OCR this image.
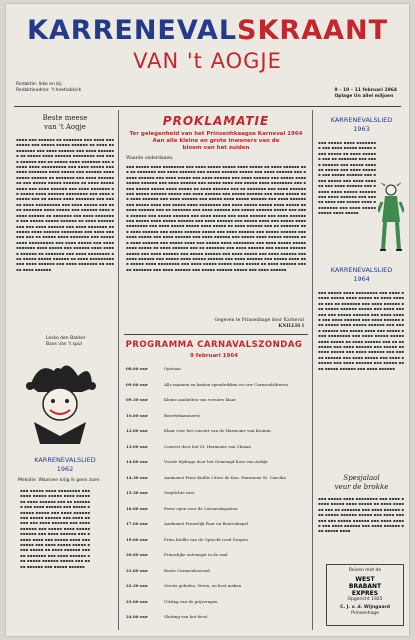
KARRENEVALSKRAANT
VAN 't AOGJE
Redaktie: Ikke en bij
Redaktieadres: 't heetiakkick	9 – 10 – 11 februari 1964
Oplage Un allel miljoen
Beste meese
van 't Aogje
▪▪▪▪ ▪▪▪ ▪▪▪▪▪▪ ▪▪ ▪▪▪▪▪▪▪ ▪▪▪ ▪▪▪▪ ▪▪▪▪▪▪▪▪ ▪▪▪ ▪▪▪▪▪ ▪▪▪▪▪ ▪▪▪▪▪▪ ▪▪ ▪▪▪▪ ▪▪▪▪▪▪▪▪▪ ▪▪▪ ▪▪▪▪ ▪▪▪▪▪▪ ▪▪▪ ▪▪▪▪ ▪▪▪▪▪▪▪ ▪▪ ▪▪▪▪▪ ▪▪▪▪ ▪▪▪▪▪▪ ▪▪▪▪▪▪▪▪ ▪▪▪ ▪▪▪▪ ▪▪▪▪▪▪ ▪▪▪ ▪▪ ▪▪▪▪▪ ▪▪▪▪ ▪▪▪▪▪▪▪ ▪▪▪ ▪▪▪▪▪ ▪▪▪▪ ▪▪▪▪▪▪▪▪▪ ▪▪▪ ▪▪▪▪ ▪▪▪▪▪ ▪▪▪ ▪▪▪▪ ▪▪▪▪▪▪▪ ▪▪▪▪ ▪▪▪▪▪ ▪▪▪ ▪▪▪▪▪▪ ▪▪▪▪ ▪▪▪▪▪ ▪▪▪▪▪▪ ▪▪ ▪▪▪▪▪▪▪ ▪▪▪ ▪▪▪▪ ▪▪▪▪▪▪▪▪ ▪▪▪ ▪▪▪▪▪ ▪▪▪▪▪ ▪▪▪▪▪▪ ▪▪ ▪▪▪▪ ▪▪▪▪▪▪▪▪▪ ▪▪▪ ▪▪▪▪ ▪▪▪▪▪▪ ▪▪▪ ▪▪▪▪ ▪▪▪▪▪▪▪ ▪▪ ▪▪▪▪▪ ▪▪▪▪ ▪▪▪▪▪▪ ▪▪▪▪▪▪▪▪ ▪▪▪ ▪▪▪▪ ▪▪▪▪▪▪ ▪▪▪ ▪▪ ▪▪▪▪▪ ▪▪▪▪ ▪▪▪▪▪▪▪ ▪▪▪ ▪▪▪▪▪ ▪▪▪▪ ▪▪▪▪▪▪▪▪▪ ▪▪▪ ▪▪▪▪ ▪▪▪▪▪ ▪▪▪ ▪▪▪▪ ▪▪▪▪▪▪▪ ▪▪▪▪ ▪▪▪▪▪ ▪▪▪ ▪▪▪▪▪▪ ▪▪▪▪ ▪▪▪▪▪ ▪▪▪▪▪▪ ▪▪ ▪▪▪▪▪▪▪ ▪▪▪ ▪▪▪▪ ▪▪▪▪▪▪▪▪ ▪▪▪ ▪▪▪▪▪ ▪▪▪▪▪ ▪▪▪▪▪▪ ▪▪ ▪▪▪▪ ▪▪▪▪▪▪▪▪▪ ▪▪▪ ▪▪▪▪ ▪▪▪▪▪▪ ▪▪▪ ▪▪▪▪ ▪▪▪▪▪▪▪ ▪▪ ▪▪▪▪▪ ▪▪▪▪ ▪▪▪▪▪▪ ▪▪▪▪▪▪▪▪ ▪▪▪ ▪▪▪▪ ▪▪▪▪▪▪ ▪▪▪ ▪▪ ▪▪▪▪▪ ▪▪▪▪ ▪▪▪▪▪▪▪ ▪▪▪ ▪▪▪▪▪ ▪▪▪▪ ▪▪▪▪▪▪▪▪▪ ▪▪▪ ▪▪▪▪ ▪▪▪▪▪ ▪▪▪ ▪▪▪▪ ▪▪▪▪▪▪▪ ▪▪▪▪ ▪▪▪▪▪ ▪▪▪ ▪▪▪▪▪▪ ▪▪▪▪ ▪▪▪▪▪ ▪▪▪▪▪▪ ▪▪ ▪▪▪▪▪▪▪ ▪▪▪ ▪▪▪▪ ▪▪▪▪▪▪▪▪ ▪▪▪ ▪▪▪▪▪ ▪▪▪▪▪ ▪▪▪▪▪▪ ▪▪ ▪▪▪▪ ▪▪▪▪▪▪▪▪▪ ▪▪▪ ▪▪▪▪ ▪▪▪▪▪▪ ▪▪▪ ▪▪▪▪ ▪▪▪▪▪▪▪ ▪▪ ▪▪▪▪▪ ▪▪▪▪ ▪▪▪▪▪▪
Lesko den Bakker
Baos van 't spul
KARRENEVALSLIED
1962
Melodie: Waaroen krijg ik geen zoen
▪▪▪ ▪▪▪▪▪ ▪▪▪▪ ▪▪▪▪▪▪▪▪ ▪▪▪ ▪▪▪▪ ▪▪▪▪▪ ▪▪▪▪▪ ▪▪▪▪ ▪▪▪▪▪ ▪▪ ▪▪▪▪ ▪▪▪▪▪▪ ▪▪▪ ▪▪ ▪▪▪▪▪▪▪ ▪▪▪ ▪▪▪▪ ▪▪▪▪▪▪ ▪▪▪ ▪▪▪▪▪ ▪▪▪▪▪▪ ▪▪▪▪▪ ▪▪▪ ▪▪▪▪ ▪▪▪▪▪▪ ▪▪▪ ▪▪▪▪▪ ▪▪▪▪▪▪ ▪▪▪ ▪▪▪▪ ▪▪▪▪▪ ▪▪▪ ▪▪▪▪ ▪▪▪▪▪▪ ▪▪▪ ▪▪▪▪ ▪▪▪▪▪▪ ▪▪▪ ▪▪▪▪▪ ▪▪▪▪ ▪▪▪▪▪ ▪▪▪▪▪▪ ▪▪▪ ▪▪▪▪ ▪▪▪▪▪▪ ▪▪▪ ▪▪▪▪▪ ▪▪▪▪ ▪▪▪ ▪▪▪▪▪ ▪▪▪▪ ▪▪▪▪▪▪▪▪ ▪▪▪ ▪▪▪▪ ▪▪▪▪▪ ▪▪▪▪▪ ▪▪▪▪ ▪▪▪▪▪ ▪▪ ▪▪▪▪ ▪▪▪▪▪▪ ▪▪▪ ▪▪ ▪▪▪▪▪▪▪ ▪▪▪ ▪▪▪▪ ▪▪▪▪▪▪ ▪▪▪ ▪▪▪▪▪ ▪▪▪▪▪▪ ▪▪▪▪▪ ▪▪▪ ▪▪▪▪ ▪▪▪▪▪▪ ▪▪▪ ▪▪▪▪▪ ▪▪▪▪▪▪
PROKLAMATIE
Ter gelegenheid van het Prinsenhkaagse Karneval 1964
Aan alle kleine en grote inwoners van de
bloem van het zuiden
Waarde onderdanen,
▪▪▪ ▪▪▪▪▪ ▪▪▪▪ ▪▪▪▪▪▪▪▪ ▪▪▪ ▪▪▪▪ ▪▪▪▪▪ ▪▪▪▪▪ ▪▪▪▪ ▪▪▪▪▪ ▪▪ ▪▪▪▪ ▪▪▪▪▪▪ ▪▪▪ ▪▪ ▪▪▪▪▪▪▪ ▪▪▪ ▪▪▪▪ ▪▪▪▪▪▪ ▪▪▪ ▪▪▪▪▪ ▪▪▪▪▪▪ ▪▪▪▪▪ ▪▪▪ ▪▪▪▪ ▪▪▪▪▪▪ ▪▪▪ ▪▪▪▪▪ ▪▪▪▪▪▪ ▪▪▪ ▪▪▪▪ ▪▪▪▪▪ ▪▪▪ ▪▪▪▪ ▪▪▪▪▪▪ ▪▪▪ ▪▪▪▪ ▪▪▪▪▪▪ ▪▪▪ ▪▪▪▪▪ ▪▪▪▪ ▪▪▪▪▪ ▪▪▪▪▪▪ ▪▪▪ ▪▪▪▪ ▪▪▪▪▪▪ ▪▪▪ ▪▪▪▪▪ ▪▪▪▪ ▪▪▪ ▪▪▪▪▪ ▪▪▪▪ ▪▪▪▪▪▪▪▪ ▪▪▪ ▪▪▪▪ ▪▪▪▪▪ ▪▪▪▪▪ ▪▪▪▪ ▪▪▪▪▪ ▪▪ ▪▪▪▪ ▪▪▪▪▪▪ ▪▪▪ ▪▪ ▪▪▪▪▪▪▪ ▪▪▪ ▪▪▪▪ ▪▪▪▪▪▪ ▪▪▪ ▪▪▪▪▪ ▪▪▪▪▪▪ ▪▪▪▪▪ ▪▪▪ ▪▪▪▪ ▪▪▪▪▪▪ ▪▪▪ ▪▪▪▪▪ ▪▪▪▪▪▪ ▪▪▪ ▪▪▪▪ ▪▪▪▪▪ ▪▪▪ ▪▪▪▪ ▪▪▪▪▪▪ ▪▪▪ ▪▪▪▪ ▪▪▪▪▪▪ ▪▪▪ ▪▪▪▪▪ ▪▪▪▪ ▪▪▪▪▪ ▪▪▪▪▪▪ ▪▪▪ ▪▪▪▪ ▪▪▪▪▪▪ ▪▪▪ ▪▪▪▪▪ ▪▪▪▪ ▪▪▪ ▪▪▪▪▪ ▪▪▪▪ ▪▪▪▪▪▪▪▪ ▪▪▪ ▪▪▪▪ ▪▪▪▪▪ ▪▪▪▪▪ ▪▪▪▪ ▪▪▪▪▪ ▪▪ ▪▪▪▪ ▪▪▪▪▪▪ ▪▪▪ ▪▪ ▪▪▪▪▪▪▪ ▪▪▪ ▪▪▪▪ ▪▪▪▪▪▪ ▪▪▪ ▪▪▪▪▪ ▪▪▪▪▪▪ ▪▪▪▪▪ ▪▪▪ ▪▪▪▪ ▪▪▪▪▪▪ ▪▪▪ ▪▪▪▪▪ ▪▪▪▪▪▪ ▪▪▪ ▪▪▪▪ ▪▪▪▪▪ ▪▪▪ ▪▪▪▪ ▪▪▪▪▪▪ ▪▪▪ ▪▪▪▪ ▪▪▪▪▪▪ ▪▪▪ ▪▪▪▪▪ ▪▪▪▪ ▪▪▪▪▪ ▪▪▪▪▪▪ ▪▪▪ ▪▪▪▪ ▪▪▪▪▪▪ ▪▪▪ ▪▪▪▪▪ ▪▪▪▪ ▪▪▪ ▪▪▪▪▪ ▪▪▪▪ ▪▪▪▪▪▪▪▪ ▪▪▪ ▪▪▪▪ ▪▪▪▪▪ ▪▪▪▪▪ ▪▪▪▪ ▪▪▪▪▪ ▪▪ ▪▪▪▪ ▪▪▪▪▪▪ ▪▪▪ ▪▪ ▪▪▪▪▪▪▪ ▪▪▪ ▪▪▪▪ ▪▪▪▪▪▪ ▪▪▪ ▪▪▪▪▪ ▪▪▪▪▪▪ ▪▪▪▪▪ ▪▪▪ ▪▪▪▪ ▪▪▪▪▪▪ ▪▪▪ ▪▪▪▪▪ ▪▪▪▪▪▪ ▪▪▪ ▪▪▪▪ ▪▪▪▪▪ ▪▪▪ ▪▪▪▪ ▪▪▪▪▪▪ ▪▪▪ ▪▪▪▪ ▪▪▪▪▪▪ ▪▪▪ ▪▪▪▪▪ ▪▪▪▪ ▪▪▪▪▪ ▪▪▪▪▪▪ ▪▪▪ ▪▪▪▪ ▪▪▪▪▪▪ ▪▪▪ ▪▪▪▪▪ ▪▪▪▪ ▪▪▪ ▪▪▪▪▪ ▪▪▪▪ ▪▪▪▪▪▪▪▪ ▪▪▪ ▪▪▪▪ ▪▪▪▪▪ ▪▪▪▪▪ ▪▪▪▪ ▪▪▪▪▪ ▪▪ ▪▪▪▪ ▪▪▪▪▪▪ ▪▪▪ ▪▪ ▪▪▪▪▪▪▪ ▪▪▪ ▪▪▪▪ ▪▪▪▪▪▪ ▪▪▪ ▪▪▪▪▪ ▪▪▪▪▪▪ ▪▪▪▪▪ ▪▪▪ ▪▪▪▪ ▪▪▪▪▪▪ ▪▪▪ ▪▪▪▪▪ ▪▪▪▪▪▪ ▪▪▪ ▪▪▪▪ ▪▪▪▪▪ ▪▪▪ ▪▪▪▪ ▪▪▪▪▪▪ ▪▪▪ ▪▪▪▪ ▪▪▪▪▪▪ ▪▪▪ ▪▪▪▪▪ ▪▪▪▪ ▪▪▪▪▪ ▪▪▪▪▪▪ ▪▪▪ ▪▪▪▪ ▪▪▪▪▪▪ ▪▪▪ ▪▪▪▪▪ ▪▪▪▪ ▪▪▪ ▪▪▪▪▪ ▪▪▪▪ ▪▪▪▪▪▪▪▪ ▪▪▪ ▪▪▪▪ ▪▪▪▪▪ ▪▪▪▪▪ ▪▪▪▪ ▪▪▪▪▪ ▪▪ ▪▪▪▪ ▪▪▪▪▪▪ ▪▪▪ ▪▪ ▪▪▪▪▪▪▪ ▪▪▪ ▪▪▪▪ ▪▪▪▪▪▪ ▪▪▪ ▪▪▪▪▪ ▪▪▪▪▪▪ ▪▪▪▪▪ ▪▪▪ ▪▪▪▪ ▪▪▪▪▪▪
Gegeven te Prinsenhage door Karneval
KNILLIS I
PROGRAMMA CARNAVALSZONDAG
9 februari 1964
08.00 uur	Opstaan
09.00 uur	Alle mannen en kaaien spendrokken en orw Carnavalsliteren
09.30 uur	Kleine aanhelten van versiers klaar
10.00 uur	Bezettekammerte
12.00 uur	Klaar voor het concert van de Harmonie van Kromm.
13.00 uur	Concert door het St. Harmonie van Chaam
14.00 uur	Vocale bijdrage door het Gemengd Koor van Asdijk
14.30 uur	Aankomst Prins Knillis I door de Kon. Harmonie St. Caecilia
15.30 uur	Verplichte rust
16.00 uur	Feest open voor de Carnavalsgasten
17.00 uur	Aankomst Prinselijk Paar en Boerenkapel
19.00 uur	Prins Knillis van de Optocht rond Dorpen
20.00 uur	Prinselijke ontvangst in de zaal
21.00 uur	Bonte Carnavalsavond
22.30 uur	Groots gebalen, Veren, en kost maken
23.00 uur	Uitslag van de prijsvragen
24.00 uur	Sluiting van het feest
KARRENEVALSLIED
1963
▪▪▪ ▪▪▪▪▪ ▪▪▪▪ ▪▪▪▪▪▪▪▪ ▪▪▪ ▪▪▪▪ ▪▪▪▪▪ ▪▪▪▪▪ ▪▪▪▪ ▪▪▪▪▪ ▪▪ ▪▪▪▪ ▪▪▪▪▪▪ ▪▪▪ ▪▪ ▪▪▪▪▪▪▪ ▪▪▪ ▪▪▪▪ ▪▪▪▪▪▪ ▪▪▪ ▪▪▪▪▪ ▪▪▪▪▪▪ ▪▪▪▪▪ ▪▪▪ ▪▪▪▪ ▪▪▪▪▪▪ ▪▪▪ ▪▪▪▪▪ ▪▪▪▪▪▪ ▪▪▪ ▪▪▪▪ ▪▪▪▪▪ ▪▪▪ ▪▪▪▪ ▪▪▪▪▪▪ ▪▪▪ ▪▪▪▪ ▪▪▪▪▪▪ ▪▪▪ ▪▪▪▪▪ ▪▪▪▪ ▪▪▪▪▪ ▪▪▪▪▪▪ ▪▪▪ ▪▪▪▪ ▪▪▪▪▪▪ ▪▪▪ ▪▪▪▪▪ ▪▪▪▪ ▪▪▪ ▪▪▪▪▪ ▪▪▪▪ ▪▪▪▪▪▪▪▪ ▪▪▪ ▪▪▪▪ ▪▪▪▪▪ ▪▪▪▪▪ ▪▪▪▪ ▪▪▪▪▪
KARRENEVALSLIED
1964
▪▪▪ ▪▪▪▪▪ ▪▪▪▪ ▪▪▪▪▪▪▪▪ ▪▪▪ ▪▪▪▪ ▪▪▪▪▪ ▪▪▪▪▪ ▪▪▪▪ ▪▪▪▪▪ ▪▪ ▪▪▪▪ ▪▪▪▪▪▪ ▪▪▪ ▪▪ ▪▪▪▪▪▪▪ ▪▪▪ ▪▪▪▪ ▪▪▪▪▪▪ ▪▪▪ ▪▪▪▪▪ ▪▪▪▪▪▪ ▪▪▪▪▪ ▪▪▪ ▪▪▪▪ ▪▪▪▪▪▪ ▪▪▪ ▪▪▪▪▪ ▪▪▪▪▪▪ ▪▪▪ ▪▪▪▪ ▪▪▪▪▪ ▪▪▪ ▪▪▪▪ ▪▪▪▪▪▪ ▪▪▪ ▪▪▪▪ ▪▪▪▪▪▪ ▪▪▪ ▪▪▪▪▪ ▪▪▪▪ ▪▪▪▪▪ ▪▪▪▪▪▪ ▪▪▪ ▪▪▪▪ ▪▪▪▪▪▪ ▪▪▪ ▪▪▪▪▪ ▪▪▪▪ ▪▪▪ ▪▪▪▪▪ ▪▪▪▪ ▪▪▪▪▪▪▪▪ ▪▪▪ ▪▪▪▪ ▪▪▪▪▪ ▪▪▪▪▪ ▪▪▪▪ ▪▪▪▪▪ ▪▪ ▪▪▪▪ ▪▪▪▪▪▪ ▪▪▪ ▪▪ ▪▪▪▪▪▪▪ ▪▪▪ ▪▪▪▪ ▪▪▪▪▪▪ ▪▪▪ ▪▪▪▪▪ ▪▪▪▪▪▪ ▪▪▪▪▪ ▪▪▪ ▪▪▪▪ ▪▪▪▪▪▪ ▪▪▪ ▪▪▪▪▪ ▪▪▪▪▪▪ ▪▪▪ ▪▪▪▪ ▪▪▪▪▪ ▪▪▪ ▪▪▪▪ ▪▪▪▪▪▪ ▪▪▪ ▪▪▪▪ ▪▪▪▪▪▪ ▪▪▪ ▪▪▪▪▪ ▪▪▪▪ ▪▪▪▪▪ ▪▪▪▪▪▪ ▪▪▪ ▪▪▪▪ ▪▪▪▪▪▪
Spesjalaal
veur de brokke
▪▪▪ ▪▪▪▪▪ ▪▪▪▪ ▪▪▪▪▪▪▪▪ ▪▪▪ ▪▪▪▪ ▪▪▪▪▪ ▪▪▪▪▪ ▪▪▪▪ ▪▪▪▪▪ ▪▪ ▪▪▪▪ ▪▪▪▪▪▪ ▪▪▪ ▪▪ ▪▪▪▪▪▪▪ ▪▪▪ ▪▪▪▪ ▪▪▪▪▪▪ ▪▪▪ ▪▪▪▪▪ ▪▪▪▪▪▪ ▪▪▪▪▪ ▪▪▪ ▪▪▪▪ ▪▪▪▪▪▪ ▪▪▪ ▪▪▪▪▪ ▪▪▪▪▪▪ ▪▪▪ ▪▪▪▪ ▪▪▪▪▪ ▪▪▪ ▪▪▪▪ ▪▪▪▪▪▪ ▪▪▪ ▪▪▪▪ ▪▪▪▪▪▪ ▪▪▪ ▪▪▪▪▪ ▪▪▪▪
Reisen met de
WEST
BRABANT
EXPRES
Opgericht 1925
C. J. v. d. Wijngaard
Prinsenhage
